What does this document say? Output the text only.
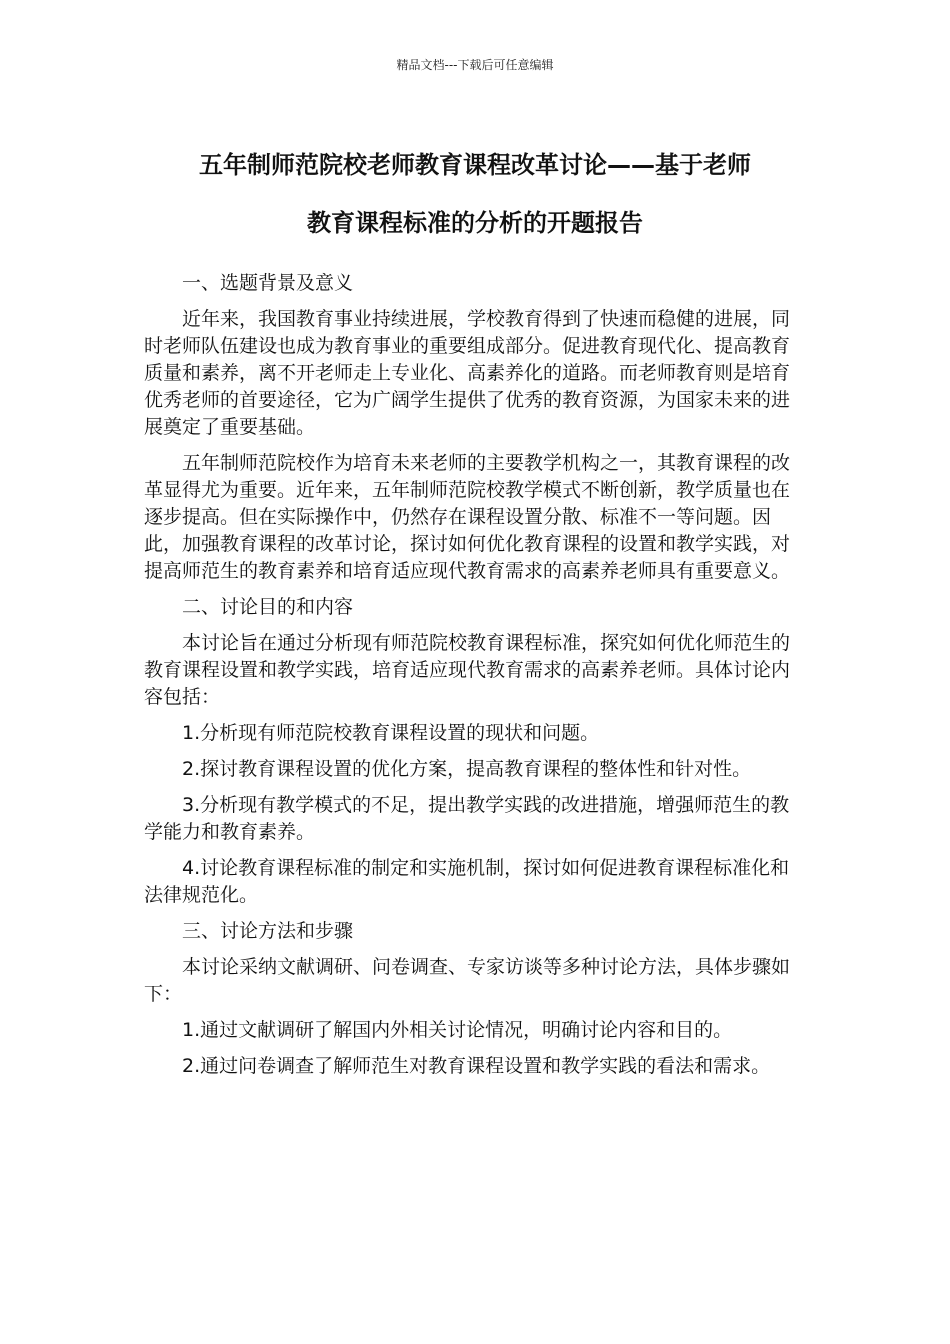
精品文档---下载后可任意编辑
五年制师范院校老师教育课程改革讨论——基于老师
教育课程标准的分析的开题报告

一、选题背景及意义

近年来，我国教育事业持续进展，学校教育得到了快速而稳健的进展，同时老师队伍建设也成为教育事业的重要组成部分。促进教育现代化、提高教育质量和素养，离不开老师走上专业化、高素养化的道路。而老师教育则是培育优秀老师的首要途径，它为广阔学生提供了优秀的教育资源，为国家未来的进展奠定了重要基础。

五年制师范院校作为培育未来老师的主要教学机构之一，其教育课程的改革显得尤为重要。近年来，五年制师范院校教学模式不断创新，教学质量也在逐步提高。但在实际操作中，仍然存在课程设置分散、标准不一等问题。因此，加强教育课程的改革讨论，探讨如何优化教育课程的设置和教学实践，对提高师范生的教育素养和培育适应现代教育需求的高素养老师具有重要意义。

二、讨论目的和内容

本讨论旨在通过分析现有师范院校教育课程标准，探究如何优化师范生的教育课程设置和教学实践，培育适应现代教育需求的高素养老师。具体讨论内容包括：

1.分析现有师范院校教育课程设置的现状和问题。

2.探讨教育课程设置的优化方案，提高教育课程的整体性和针对性。

3.分析现有教学模式的不足，提出教学实践的改进措施，增强师范生的教学能力和教育素养。

4.讨论教育课程标准的制定和实施机制，探讨如何促进教育课程标准化和法律规范化。

三、讨论方法和步骤

本讨论采纳文献调研、问卷调查、专家访谈等多种讨论方法，具体步骤如下：

1.通过文献调研了解国内外相关讨论情况，明确讨论内容和目的。

2.通过问卷调查了解师范生对教育课程设置和教学实践的看法和需求。
